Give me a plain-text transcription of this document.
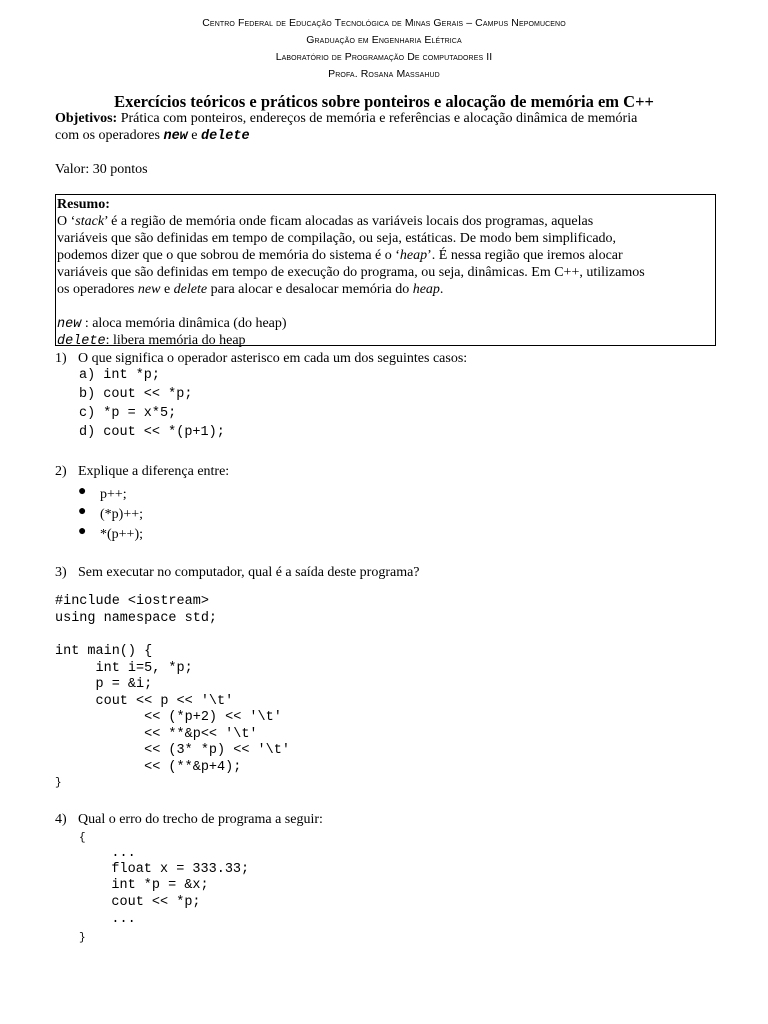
Centro Federal de Educação Tecnológica de Minas Gerais – Campus Nepomuceno
Graduação em Engenharia Elétrica
Laboratório de Programação De computadores II
Profa. Rosana Massahud
Exercícios teóricos e práticos sobre ponteiros e alocação de memória em C++
Objetivos: Prática com ponteiros, endereços de memória e referências e alocação dinâmica de memória
com os operadores new e delete
Valor: 30 pontos
Resumo:
O ‘stack’ é a região de memória onde ficam alocadas as variáveis locais dos programas, aquelas
variáveis que são definidas em tempo de compilação, ou seja, estáticas. De modo bem simplificado,
podemos dizer que o que sobrou de memória do sistema é o ‘heap’. É nessa região que iremos alocar
variáveis que são definidas em tempo de execução do programa, ou seja, dinâmicas. Em C++, utilizamos
os operadores new e delete para alocar e desalocar memória do heap.
new : aloca memória dinâmica (do heap)
delete: libera memória do heap
1) O que significa o operador asterisco em cada um dos seguintes casos:
a) int *p;
b) cout << *p;
c) *p = x*5;
d) cout << *(p+1);
2) Explique a diferença entre:
● p++;
● (*p)++;
● *(p++);
3) Sem executar no computador, qual é a saída deste programa?
#include <iostream>
using namespace std;
int main() {
int i=5, *p;
p = &i;
cout << p << '\t'
<< (*p+2) << '\t'
<< **&p<< '\t'
<< (3* *p) << '\t'
<< (**&p+4);
}
4) Qual o erro do trecho de programa a seguir:
{
...
float x = 333.33;
int *p = &x;
cout << *p;
...
}
